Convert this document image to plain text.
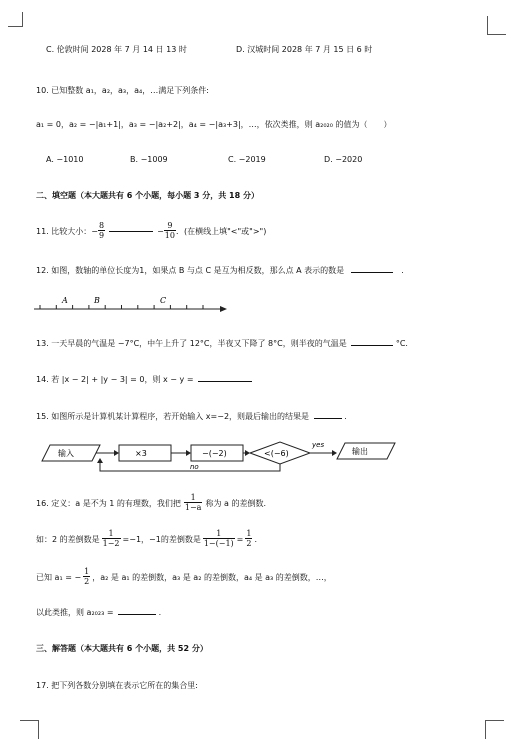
C. 伦敦时间 2028 年 7 月 14 日 13 时	D. 汉城时间 2028 年 7 月 15 日 6 时
10. 已知整数 a₁，a₂，a₃，a₄，…满足下列条件:
a₁ = 0，a₂ = −|a₁+1|，a₃ = −|a₂+2|，a₄ = −|a₃+3|，…，依次类推，则 a₂₀₂₀ 的值为（　　）
A. −1010	B. −1009	C. −2019	D. −2020
二、填空题（本大题共有 6 个小题，每小题 3 分，共 18 分）
11. 比较大小：− $\frac{8}{9}$	− $\frac{9}{10}$ ．(在横线上填"<"或">")
12. 如图，数轴的单位长度为1，如果点 B 与点 C 是互为相反数，那么点 A 表示的数是	.
A	B	C
13. 一天早晨的气温是 −7°C，中午上升了 12°C，半夜又下降了 8°C，则半夜的气温是	°C.
14. 若 |x − 2| + |y − 3| = 0，则 x − y =
15. 如图所示是计算机某计算程序，若开始输入 x=−2，则最后输出的结果是	.
输入	×3	−(−2)	<(−6)
yes
输出
no
16. 定义：a 是不为 1 的有理数，我们把 $\frac{1}{1-a}$ 称为 a 的差倒数.
如：2 的差倒数是 $\frac{1}{1-2} =-1$，−1的差倒数是 $\frac{1}{1-(-1)} = \frac{1}{2}$ .
已知 a₁ = − $\frac{1}{2}$ ，a₂ 是 a₁ 的差倒数，a₃ 是 a₂ 的差倒数，a₄ 是 a₃ 的差倒数，…，
以此类推，则 a₂₀₂₃ =	.
三、解答题（本大题共有 6 个小题，共 52 分）
17. 把下列各数分别填在表示它所在的集合里:
